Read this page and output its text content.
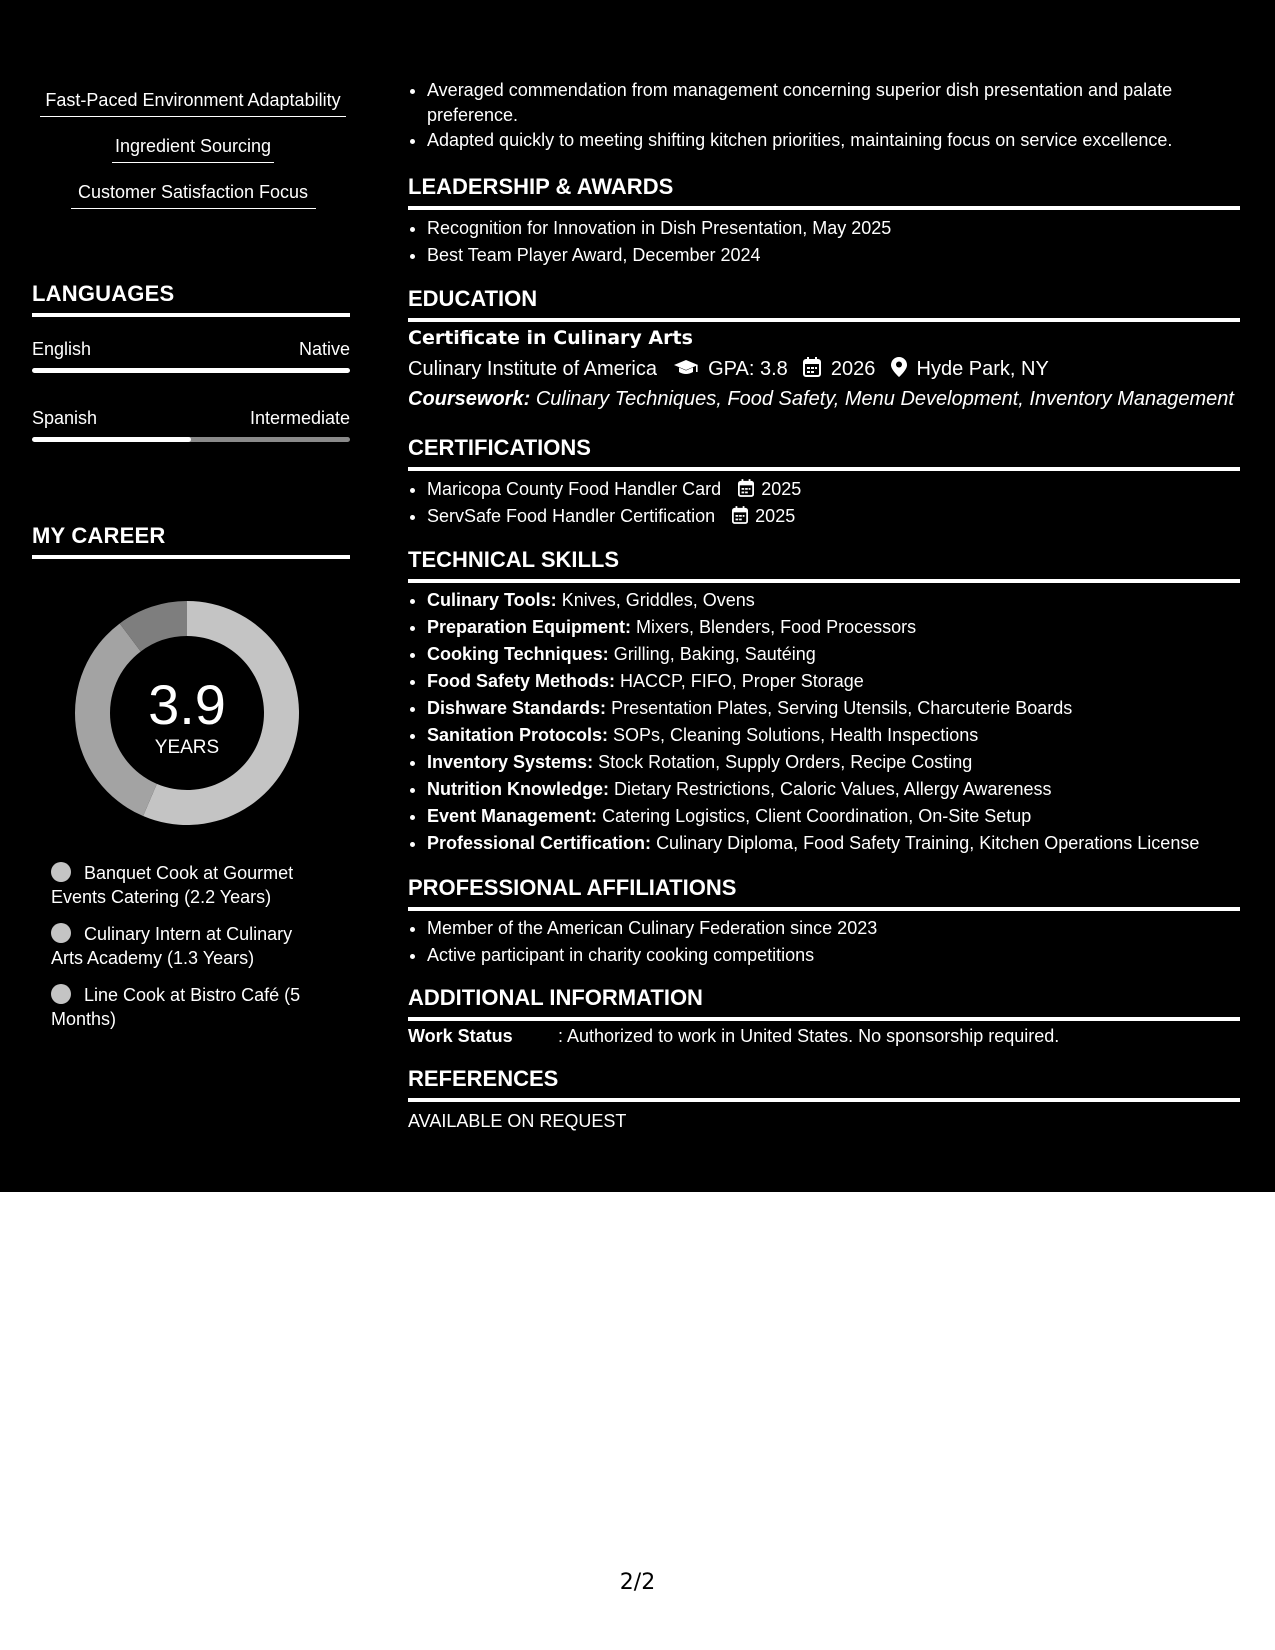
Fast-Paced Environment Adaptability
Ingredient Sourcing
Customer Satisfaction Focus
LANGUAGES
English	Native
Spanish	Intermediate
MY CAREER
3.9
YEARS
Banquet Cook at Gourmet Events Catering (2.2 Years)
Culinary Intern at Culinary Arts Academy (1.3 Years)
Line Cook at Bistro Café (5 Months)
• Averaged commendation from management concerning superior dish presentation and palate preference.
• Adapted quickly to meeting shifting kitchen priorities, maintaining focus on service excellence.
LEADERSHIP & AWARDS
• Recognition for Innovation in Dish Presentation, May 2025
• Best Team Player Award, December 2024
EDUCATION
Certificate in Culinary Arts
Culinary Institute of America	GPA: 3.8 2026 Hyde Park, NY
Coursework: Culinary Techniques, Food Safety, Menu Development, Inventory Management
CERTIFICATIONS
• Maricopa County Food Handler Card 2025
• ServSafe Food Handler Certification 2025
TECHNICAL SKILLS
• Culinary Tools: Knives, Griddles, Ovens
• Preparation Equipment: Mixers, Blenders, Food Processors
• Cooking Techniques: Grilling, Baking, Sautéing
• Food Safety Methods: HACCP, FIFO, Proper Storage
• Dishware Standards: Presentation Plates, Serving Utensils, Charcuterie Boards
• Sanitation Protocols: SOPs, Cleaning Solutions, Health Inspections
• Inventory Systems: Stock Rotation, Supply Orders, Recipe Costing
• Nutrition Knowledge: Dietary Restrictions, Caloric Values, Allergy Awareness
• Event Management: Catering Logistics, Client Coordination, On-Site Setup
• Professional Certification: Culinary Diploma, Food Safety Training, Kitchen Operations License
PROFESSIONAL AFFILIATIONS
• Member of the American Culinary Federation since 2023
• Active participant in charity cooking competitions
ADDITIONAL INFORMATION
Work Status	: Authorized to work in United States. No sponsorship required.
REFERENCES
AVAILABLE ON REQUEST
2/2
